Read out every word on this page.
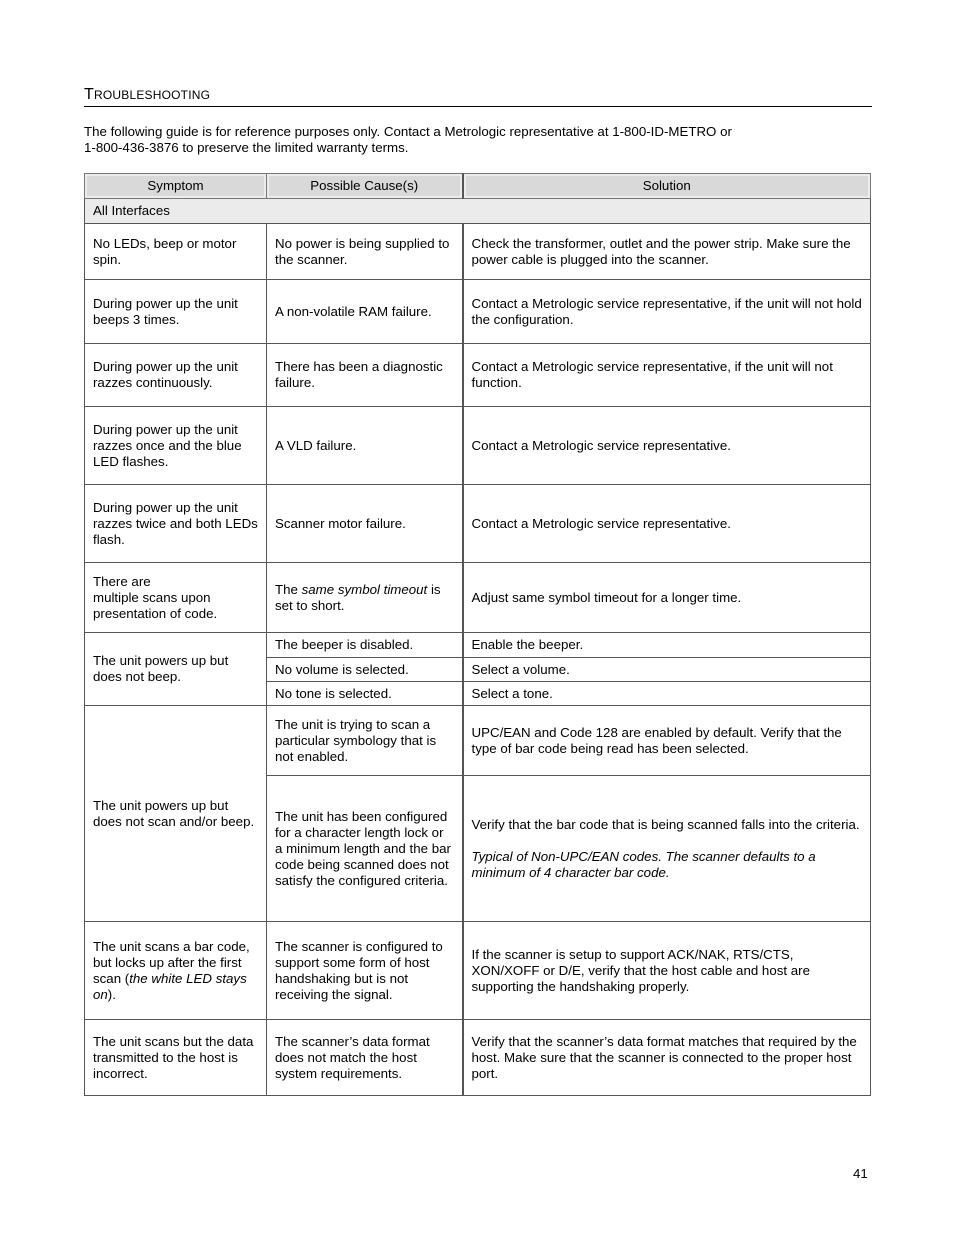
TROUBLESHOOTING
The following guide is for reference purposes only. Contact a Metrologic representative at 1-800-ID-METRO or
1-800-436-3876 to preserve the limited warranty terms.
Symptom	Possible Cause(s)	Solution
All Interfaces		
No LEDs, beep or motor spin.	No power is being supplied to the scanner.	Check the transformer, outlet and the power strip. Make sure the power cable is plugged into the scanner.
During power up the unit beeps 3 times.	A non-volatile RAM failure.	Contact a Metrologic service representative, if the unit will not hold the configuration.
During power up the unit razzes continuously.	There has been a diagnostic failure.	Contact a Metrologic service representative, if the unit will not function.
During power up the unit razzes once and the blue LED flashes.	A VLD failure.	Contact a Metrologic service representative.
During power up the unit razzes twice and both LEDs flash.	Scanner motor failure.	Contact a Metrologic service representative.

There are
multiple scans upon presentation of code.	The same symbol timeout is set to short.	Adjust same symbol timeout for a longer time.
The unit powers up but does not beep.	The beeper is disabled.	Enable the beeper.
	No volume is selected.	Select a volume.
	No tone is selected.	Select a tone.
The unit powers up but does not scan and/or beep.	The unit is trying to scan a particular symbology that is not enabled.	UPC/EAN and Code 128 are enabled by default. Verify that the type of bar code being read has been selected.
	The unit has been configured for a character length lock or a minimum length and the bar code being scanned does not satisfy the configured criteria.	Verify that the bar code that is being scanned falls into the criteria.
Typical of Non-UPC/EAN codes. The scanner defaults to a minimum of 4 character bar code.

The unit scans a bar code, but locks up after the first scan (the white LED stays on).	The scanner is configured to support some form of host handshaking but is not receiving the signal.	If the scanner is setup to support ACK/NAK, RTS/CTS, XON/XOFF or D/E, verify that the host cable and host are supporting the handshaking properly.
The unit scans but the data transmitted to the host is incorrect.	The scanner’s data format does not match the host system requirements.	Verify that the scanner’s data format matches that required by the host. Make sure that the scanner is connected to the proper host port.
41
